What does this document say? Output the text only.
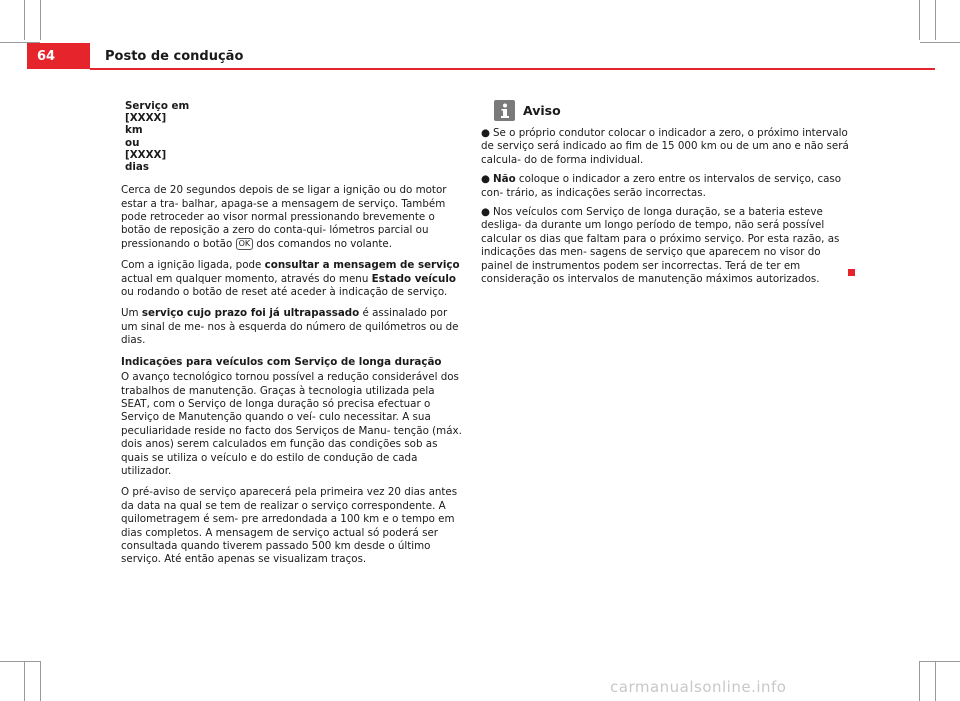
64	Posto de condução
Serviço em
[XXXX]
km
ou
[XXXX]
dias

Cerca de 20 segundos depois de se ligar a ignição ou do motor estar a tra- balhar, apaga-se a mensagem de serviço. Também pode retroceder ao visor normal pressionando brevemente o botão de reposição a zero do conta-qui- lómetros parcial ou pressionando o botão OK dos comandos no volante.

Com a ignição ligada, pode consultar a mensagem de serviço actual em qualquer momento, através do menu Estado veículo ou rodando o botão de reset até aceder à indicação de serviço.

Um serviço cujo prazo foi já ultrapassado é assinalado por um sinal de me- nos à esquerda do número de quilómetros ou de dias.

Indicações para veículos com Serviço de longa duração

O avanço tecnológico tornou possível a redução considerável dos trabalhos de manutenção. Graças à tecnologia utilizada pela SEAT, com o Serviço de longa duração só precisa efectuar o Serviço de Manutenção quando o veí- culo necessitar. A sua peculiaridade reside no facto dos Serviços de Manu- tenção (máx. dois anos) serem calculados em função das condições sob as quais se utiliza o veículo e do estilo de condução de cada utilizador.

O pré-aviso de serviço aparecerá pela primeira vez 20 dias antes da data na qual se tem de realizar o serviço correspondente. A quilometragem é sem- pre arredondada a 100 km e o tempo em dias completos. A mensagem de serviço actual só poderá ser consultada quando tiverem passado 500 km desde o último serviço. Até então apenas se visualizam traços.

Aviso

● Se o próprio condutor colocar o indicador a zero, o próximo intervalo de serviço será indicado ao fim de 15 000 km ou de um ano e não será calcula- do de forma individual.

● Não coloque o indicador a zero entre os intervalos de serviço, caso con- trário, as indicações serão incorrectas.

● Nos veículos com Serviço de longa duração, se a bateria esteve desliga- da durante um longo período de tempo, não será possível calcular os dias que faltam para o próximo serviço. Por esta razão, as indicações das men- sagens de serviço que aparecem no visor do painel de instrumentos podem ser incorrectas. Terá de ter em consideração os intervalos de manutenção máximos autorizados.

carmanualsonline.info
